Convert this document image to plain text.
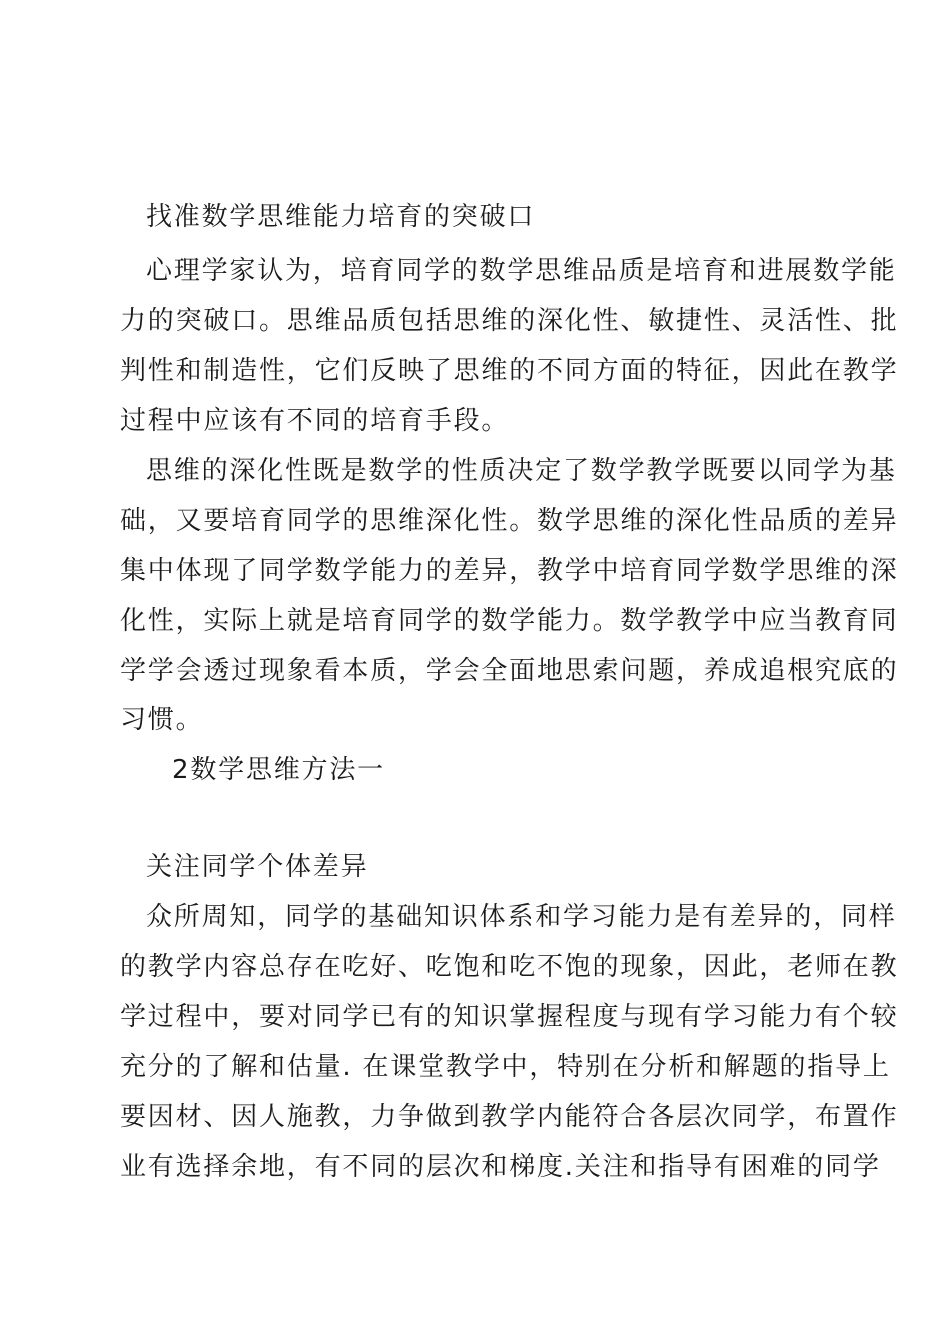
找准数学思维能力培育的突破口
心理学家认为，培育同学的数学思维品质是培育和进展数学能
力的突破口。思维品质包括思维的深化性、敏捷性、灵活性、批
判性和制造性，它们反映了思维的不同方面的特征，因此在教学
过程中应该有不同的培育手段。
思维的深化性既是数学的性质决定了数学教学既要以同学为基
础，又要培育同学的思维深化性。数学思维的深化性品质的差异
集中体现了同学数学能力的差异，教学中培育同学数学思维的深
化性，实际上就是培育同学的数学能力。数学教学中应当教育同
学学会透过现象看本质，学会全面地思索问题，养成追根究底的
习惯。
2数学思维方法一
关注同学个体差异
众所周知，同学的基础知识体系和学习能力是有差异的，同样
的教学内容总存在吃好、吃饱和吃不饱的现象，因此，老师在教
学过程中，要对同学已有的知识掌握程度与现有学习能力有个较
充分的了解和估量. 在课堂教学中，特别在分析和解题的指导上
要因材、因人施教，力争做到教学内能符合各层次同学，布置作
业有选择余地，有不同的层次和梯度.关注和指导有困难的同学
